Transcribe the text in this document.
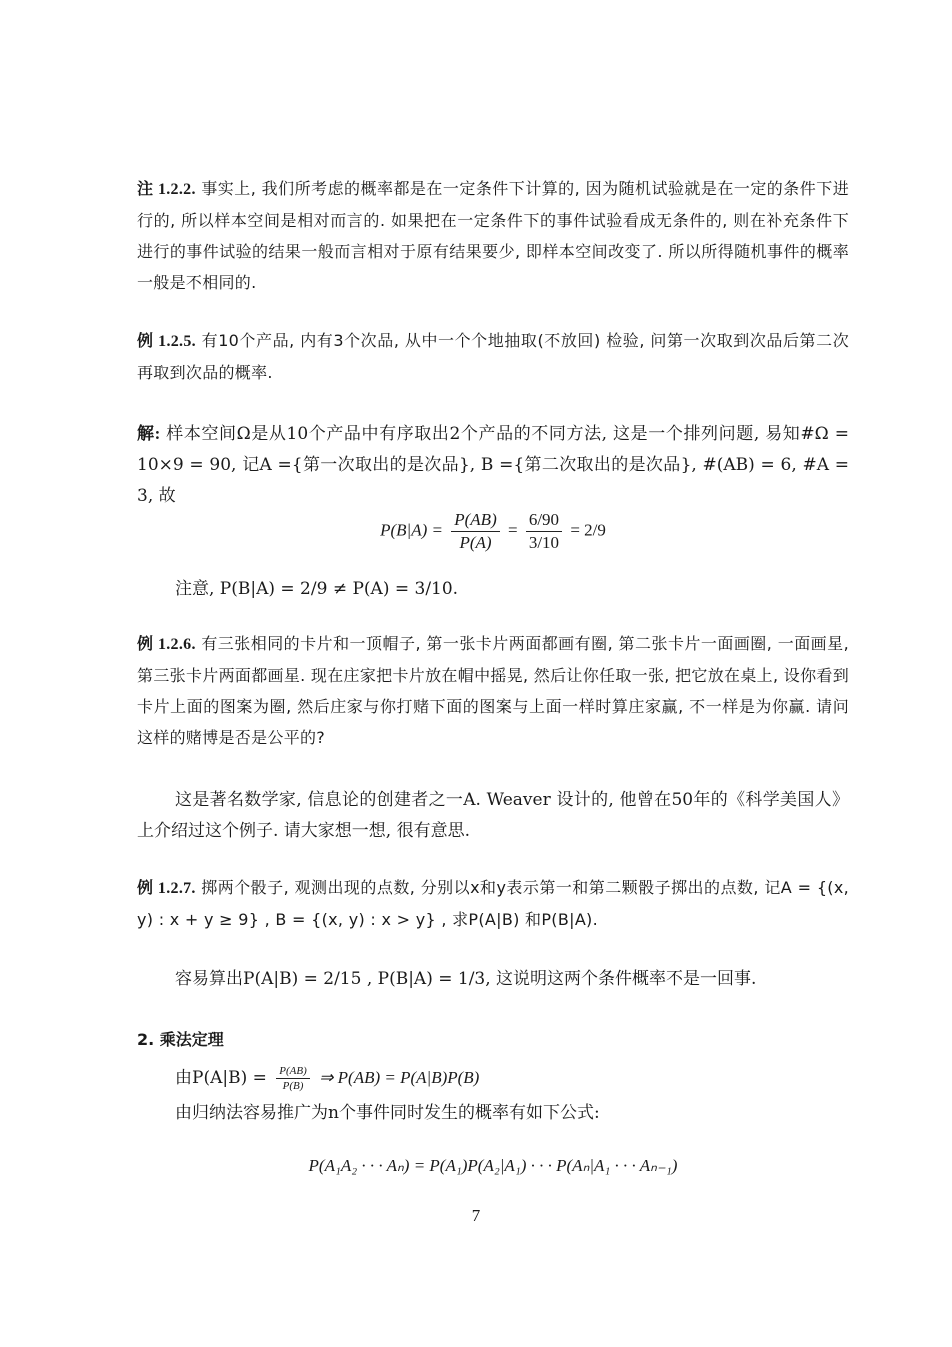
注 1.2.2. 事实上, 我们所考虑的概率都是在一定条件下计算的, 因为随机试验就是在一定的条件下进行的, 所以样本空间是相对而言的. 如果把在一定条件下的事件试验看成无条件的, 则在补充条件下进行的事件试验的结果一般而言相对于原有结果要少, 即样本空间改变了. 所以所得随机事件的概率一般是不相同的.
例 1.2.5. 有10个产品, 内有3个次品, 从中一个个地抽取(不放回) 检验, 问第一次取到次品后第二次再取到次品的概率.
解: 样本空间Ω是从10个产品中有序取出2个产品的不同方法, 这是一个排列问题, 易知#Ω = 10×9 = 90, 记A ={第一次取出的是次品}, B ={第二次取出的是次品}, #(AB) = 6, #A = 3, 故
$P(B|A) = \frac{P(AB)}{P(A)} = \frac{6/90}{3/10} = 2/9$
注意, P(B|A) = 2/9 ≠ P(A) = 3/10.
例 1.2.6. 有三张相同的卡片和一顶帽子, 第一张卡片两面都画有圈, 第二张卡片一面画圈, 一面画星, 第三张卡片两面都画星. 现在庄家把卡片放在帽中摇晃, 然后让你任取一张, 把它放在桌上, 设你看到卡片上面的图案为圈, 然后庄家与你打赌下面的图案与上面一样时算庄家赢, 不一样是为你赢. 请问这样的赌博是否是公平的?
这是著名数学家, 信息论的创建者之一A. Weaver 设计的, 他曾在50年的《科学美国人》上介绍过这个例子. 请大家想一想, 很有意思.
例 1.2.7. 掷两个骰子, 观测出现的点数, 分别以x和y表示第一和第二颗骰子掷出的点数, 记A = {(x, y) : x + y ≥ 9} , B = {(x, y) : x > y} , 求P(A|B) 和P(B|A).
容易算出P(A|B) = 2/15 , P(B|A) = 1/3, 这说明这两个条件概率不是一回事.
2. 乘法定理
由$P(A|B) = \frac{P(AB)}{P(B)}$ ⇒ P(AB) = P(A|B)P(B)
由归纳法容易推广为n个事件同时发生的概率有如下公式:
P(A₁A₂ · · · Aₙ) = P(A₁)P(A₂|A₁) · · · P(Aₙ|A₁ · · · Aₙ₋₁)
7
